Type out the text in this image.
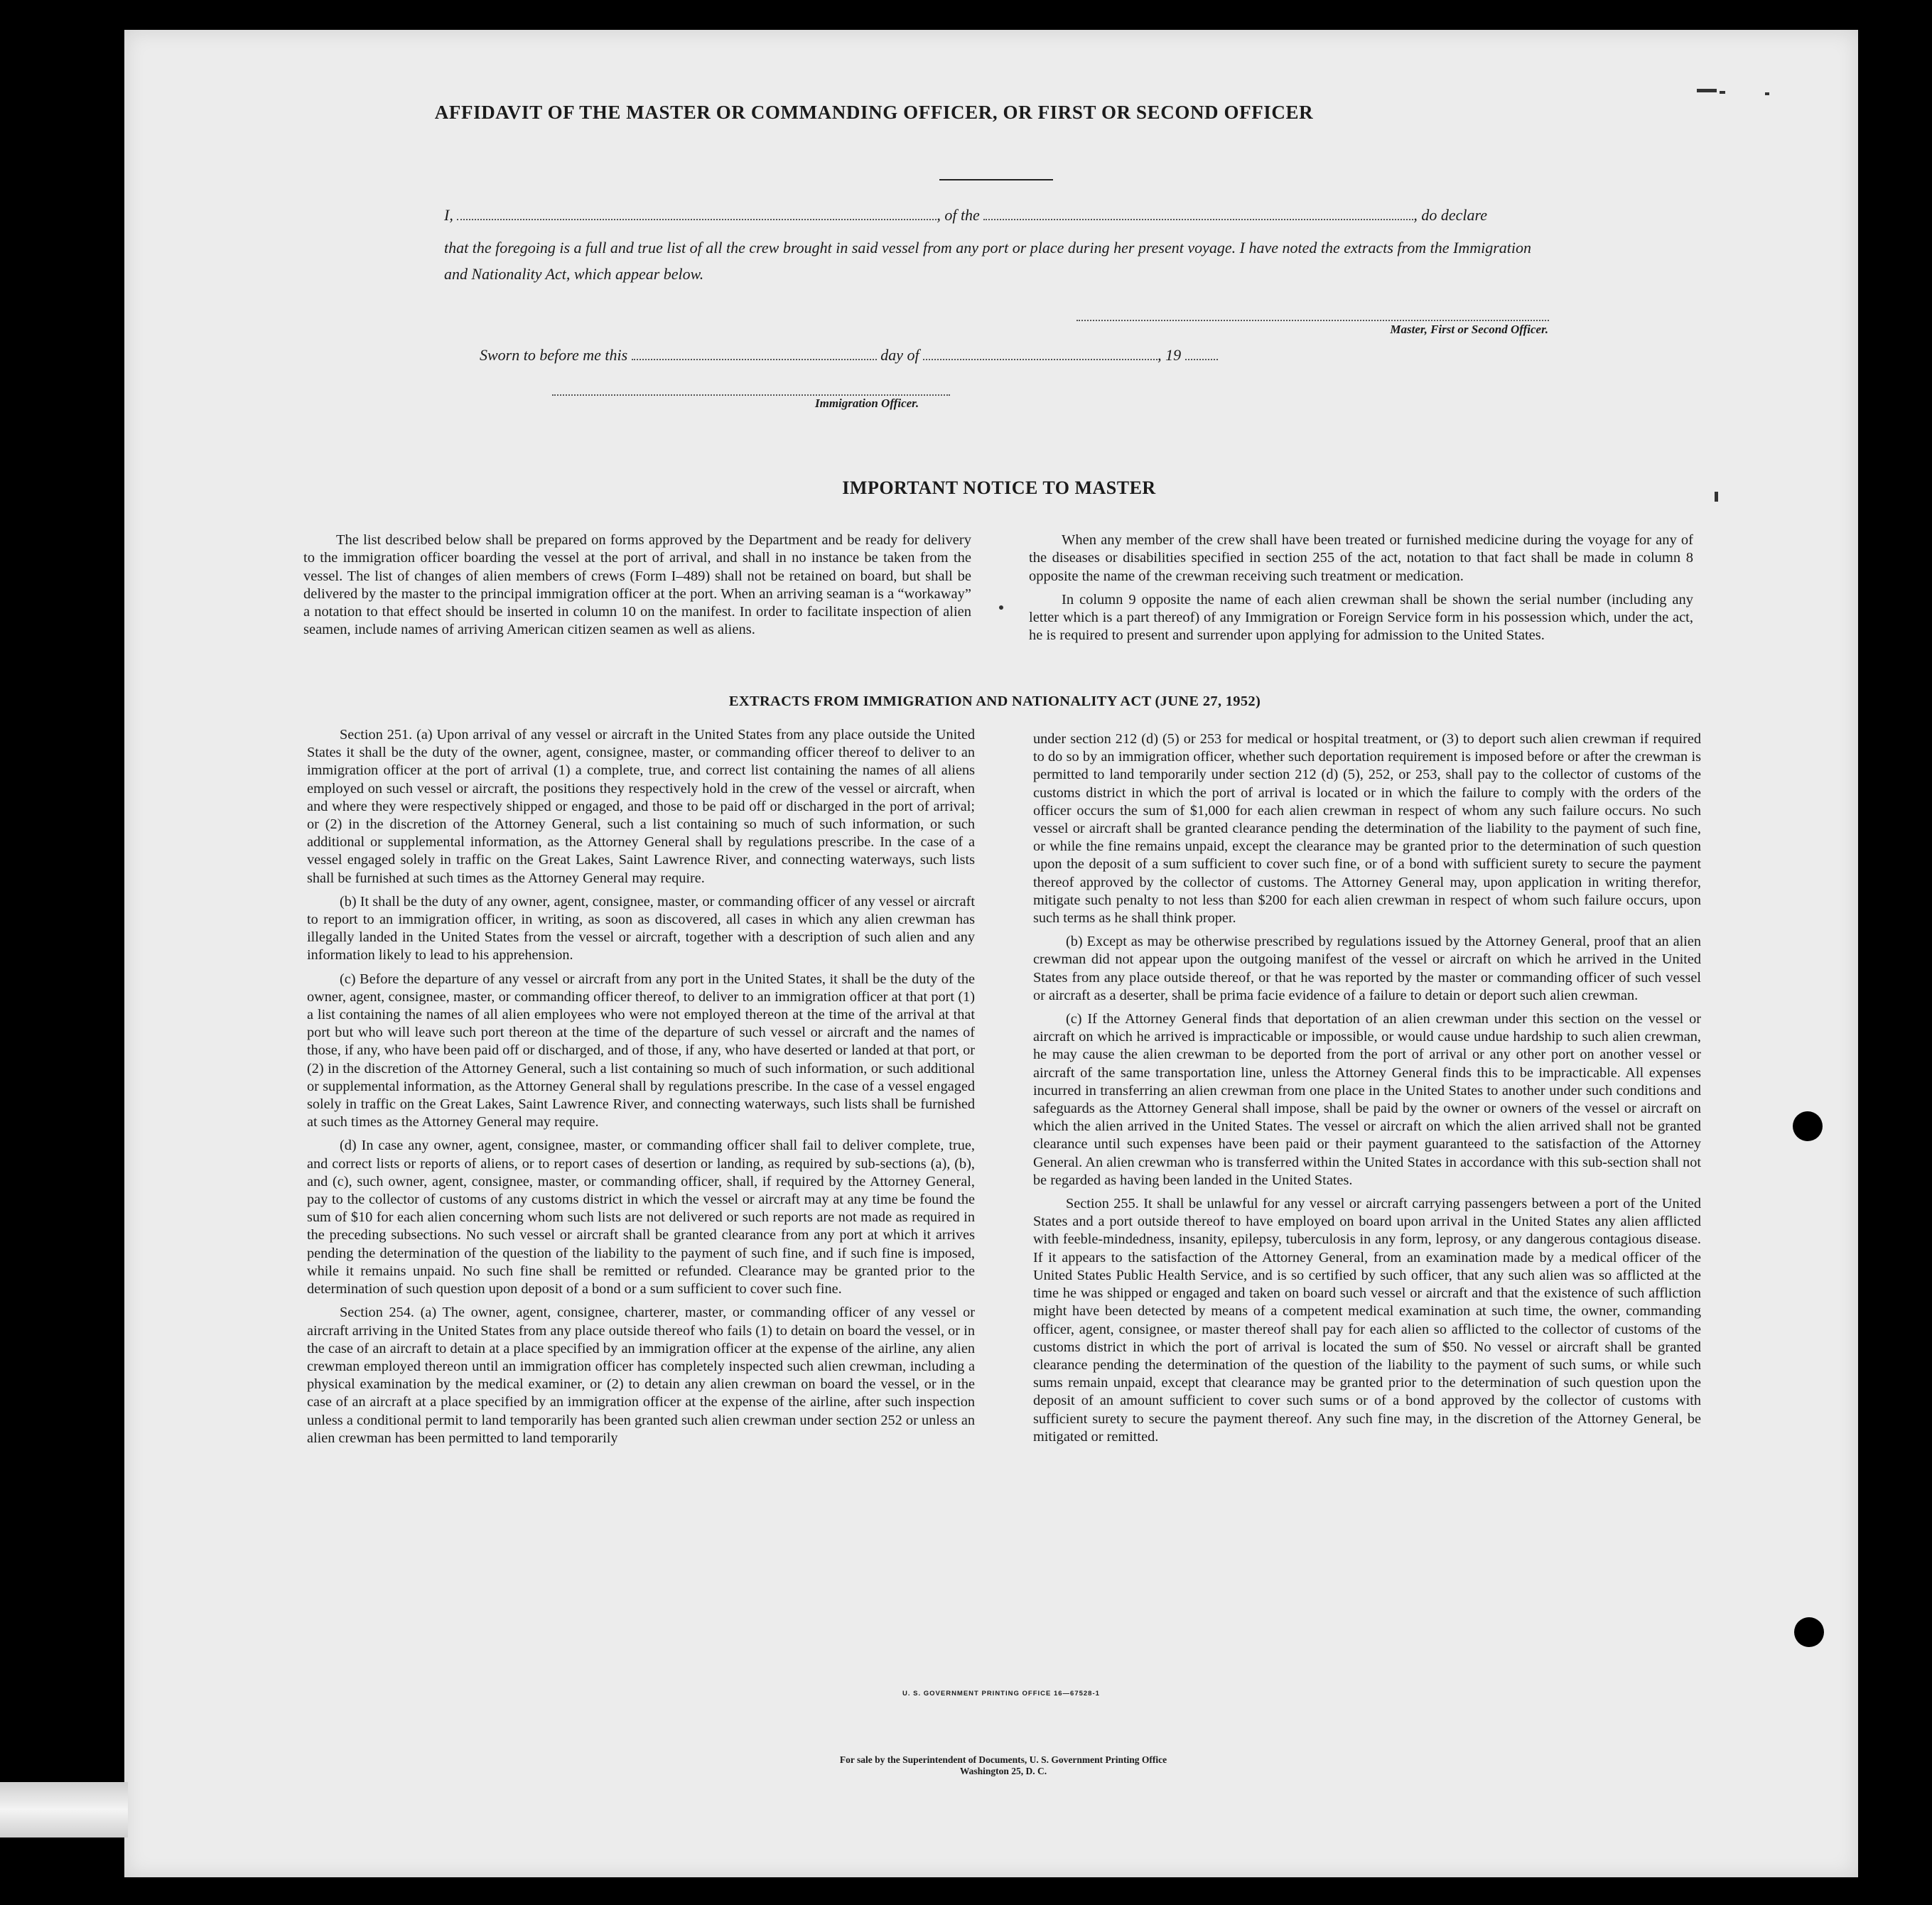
AFFIDAVIT OF THE MASTER OR COMMANDING OFFICER, OR FIRST OR SECOND OFFICER
I,	, of the	, do declare
that the foregoing is a full and true list of all the crew brought in said vessel from any port or place during her present voyage. I have noted the extracts from the Immigration and Nationality Act, which appear below.
Master, First or Second Officer.
Sworn to before me this	day of	, 19
Immigration Officer.
IMPORTANT NOTICE TO MASTER

The list described below shall be prepared on forms approved by the Department and be ready for delivery to the immigration officer boarding the vessel at the port of arrival, and shall in no instance be taken from the vessel. The list of changes of alien members of crews (Form I–489) shall not be retained on board, but shall be delivered by the master to the principal immigration officer at the port. When an arriving seaman is a “workaway” a notation to that effect should be inserted in column 10 on the manifest. In order to facilitate inspection of alien seamen, include names of arriving American citizen seamen as well as aliens.

When any member of the crew shall have been treated or furnished medicine during the voyage for any of the diseases or disabilities specified in section 255 of the act, notation to that fact shall be made in column 8 opposite the name of the crewman receiving such treatment or medication.

In column 9 opposite the name of each alien crewman shall be shown the serial number (including any letter which is a part thereof) of any Immigration or Foreign Service form in his possession which, under the act, he is required to present and surrender upon applying for admission to the United States.

EXTRACTS FROM IMMIGRATION AND NATIONALITY ACT (JUNE 27, 1952)

Section 251. (a) Upon arrival of any vessel or aircraft in the United States from any place outside the United States it shall be the duty of the owner, agent, consignee, master, or commanding officer thereof to deliver to an immigration officer at the port of arrival (1) a complete, true, and correct list containing the names of all aliens employed on such vessel or aircraft, the positions they respectively hold in the crew of the vessel or aircraft, when and where they were respectively shipped or engaged, and those to be paid off or discharged in the port of arrival; or (2) in the discretion of the Attorney General, such a list containing so much of such information, or such additional or supplemental information, as the Attorney General shall by regulations prescribe. In the case of a vessel engaged solely in traffic on the Great Lakes, Saint Lawrence River, and connecting waterways, such lists shall be furnished at such times as the Attorney General may require.

(b) It shall be the duty of any owner, agent, consignee, master, or commanding officer of any vessel or aircraft to report to an immigration officer, in writing, as soon as discovered, all cases in which any alien crewman has illegally landed in the United States from the vessel or aircraft, together with a description of such alien and any information likely to lead to his apprehension.

(c) Before the departure of any vessel or aircraft from any port in the United States, it shall be the duty of the owner, agent, consignee, master, or commanding officer thereof, to deliver to an immigration officer at that port (1) a list containing the names of all alien employees who were not employed thereon at the time of the arrival at that port but who will leave such port thereon at the time of the departure of such vessel or aircraft and the names of those, if any, who have been paid off or discharged, and of those, if any, who have deserted or landed at that port, or (2) in the discretion of the Attorney General, such a list containing so much of such information, or such additional or supplemental information, as the Attorney General shall by regulations prescribe. In the case of a vessel engaged solely in traffic on the Great Lakes, Saint Lawrence River, and connecting waterways, such lists shall be furnished at such times as the Attorney General may require.

(d) In case any owner, agent, consignee, master, or commanding officer shall fail to deliver complete, true, and correct lists or reports of aliens, or to report cases of desertion or landing, as required by sub-sections (a), (b), and (c), such owner, agent, consignee, master, or commanding officer, shall, if required by the Attorney General, pay to the collector of customs of any customs district in which the vessel or aircraft may at any time be found the sum of $10 for each alien concerning whom such lists are not delivered or such reports are not made as required in the preceding subsections. No such vessel or aircraft shall be granted clearance from any port at which it arrives pending the determination of the question of the liability to the payment of such fine, and if such fine is imposed, while it remains unpaid. No such fine shall be remitted or refunded. Clearance may be granted prior to the determination of such question upon deposit of a bond or a sum sufficient to cover such fine.

Section 254. (a) The owner, agent, consignee, charterer, master, or commanding officer of any vessel or aircraft arriving in the United States from any place outside thereof who fails (1) to detain on board the vessel, or in the case of an aircraft to detain at a place specified by an immigration officer at the expense of the airline, any alien crewman employed thereon until an immigration officer has completely inspected such alien crewman, including a physical examination by the medical examiner, or (2) to detain any alien crewman on board the vessel, or in the case of an aircraft at a place specified by an immigration officer at the expense of the airline, after such inspection unless a conditional permit to land temporarily has been granted such alien crewman under section 252 or unless an alien crewman has been permitted to land temporarily

under section 212 (d) (5) or 253 for medical or hospital treatment, or (3) to deport such alien crewman if required to do so by an immigration officer, whether such deportation requirement is imposed before or after the crewman is permitted to land temporarily under section 212 (d) (5), 252, or 253, shall pay to the collector of customs of the customs district in which the port of arrival is located or in which the failure to comply with the orders of the officer occurs the sum of $1,000 for each alien crewman in respect of whom any such failure occurs. No such vessel or aircraft shall be granted clearance pending the determination of the liability to the payment of such fine, or while the fine remains unpaid, except the clearance may be granted prior to the determination of such question upon the deposit of a sum sufficient to cover such fine, or of a bond with sufficient surety to secure the payment thereof approved by the collector of customs. The Attorney General may, upon application in writing therefor, mitigate such penalty to not less than $200 for each alien crewman in respect of whom such failure occurs, upon such terms as he shall think proper.

(b) Except as may be otherwise prescribed by regulations issued by the Attorney General, proof that an alien crewman did not appear upon the outgoing manifest of the vessel or aircraft on which he arrived in the United States from any place outside thereof, or that he was reported by the master or commanding officer of such vessel or aircraft as a deserter, shall be prima facie evidence of a failure to detain or deport such alien crewman.

(c) If the Attorney General finds that deportation of an alien crewman under this section on the vessel or aircraft on which he arrived is impracticable or impossible, or would cause undue hardship to such alien crewman, he may cause the alien crewman to be deported from the port of arrival or any other port on another vessel or aircraft of the same transportation line, unless the Attorney General finds this to be impracticable. All expenses incurred in transferring an alien crewman from one place in the United States to another under such conditions and safeguards as the Attorney General shall impose, shall be paid by the owner or owners of the vessel or aircraft on which the alien arrived in the United States. The vessel or aircraft on which the alien arrived shall not be granted clearance until such expenses have been paid or their payment guaranteed to the satisfaction of the Attorney General. An alien crewman who is transferred within the United States in accordance with this sub-section shall not be regarded as having been landed in the United States.

Section 255. It shall be unlawful for any vessel or aircraft carrying passengers between a port of the United States and a port outside thereof to have employed on board upon arrival in the United States any alien afflicted with feeble-mindedness, insanity, epilepsy, tuberculosis in any form, leprosy, or any dangerous contagious disease. If it appears to the satisfaction of the Attorney General, from an examination made by a medical officer of the United States Public Health Service, and is so certified by such officer, that any such alien was so afflicted at the time he was shipped or engaged and taken on board such vessel or aircraft and that the existence of such affliction might have been detected by means of a competent medical examination at such time, the owner, commanding officer, agent, consignee, or master thereof shall pay for each alien so afflicted to the collector of customs of the customs district in which the port of arrival is located the sum of $50. No vessel or aircraft shall be granted clearance pending the determination of the question of the liability to the payment of such sums, or while such sums remain unpaid, except that clearance may be granted prior to the determination of such question upon the deposit of an amount sufficient to cover such sums or of a bond approved by the collector of customs with sufficient surety to secure the payment thereof. Any such fine may, in the discretion of the Attorney General, be mitigated or remitted.

U. S. GOVERNMENT PRINTING OFFICE 16—67528-1
For sale by the Superintendent of Documents, U. S. Government Printing Office
Washington 25, D. C.
